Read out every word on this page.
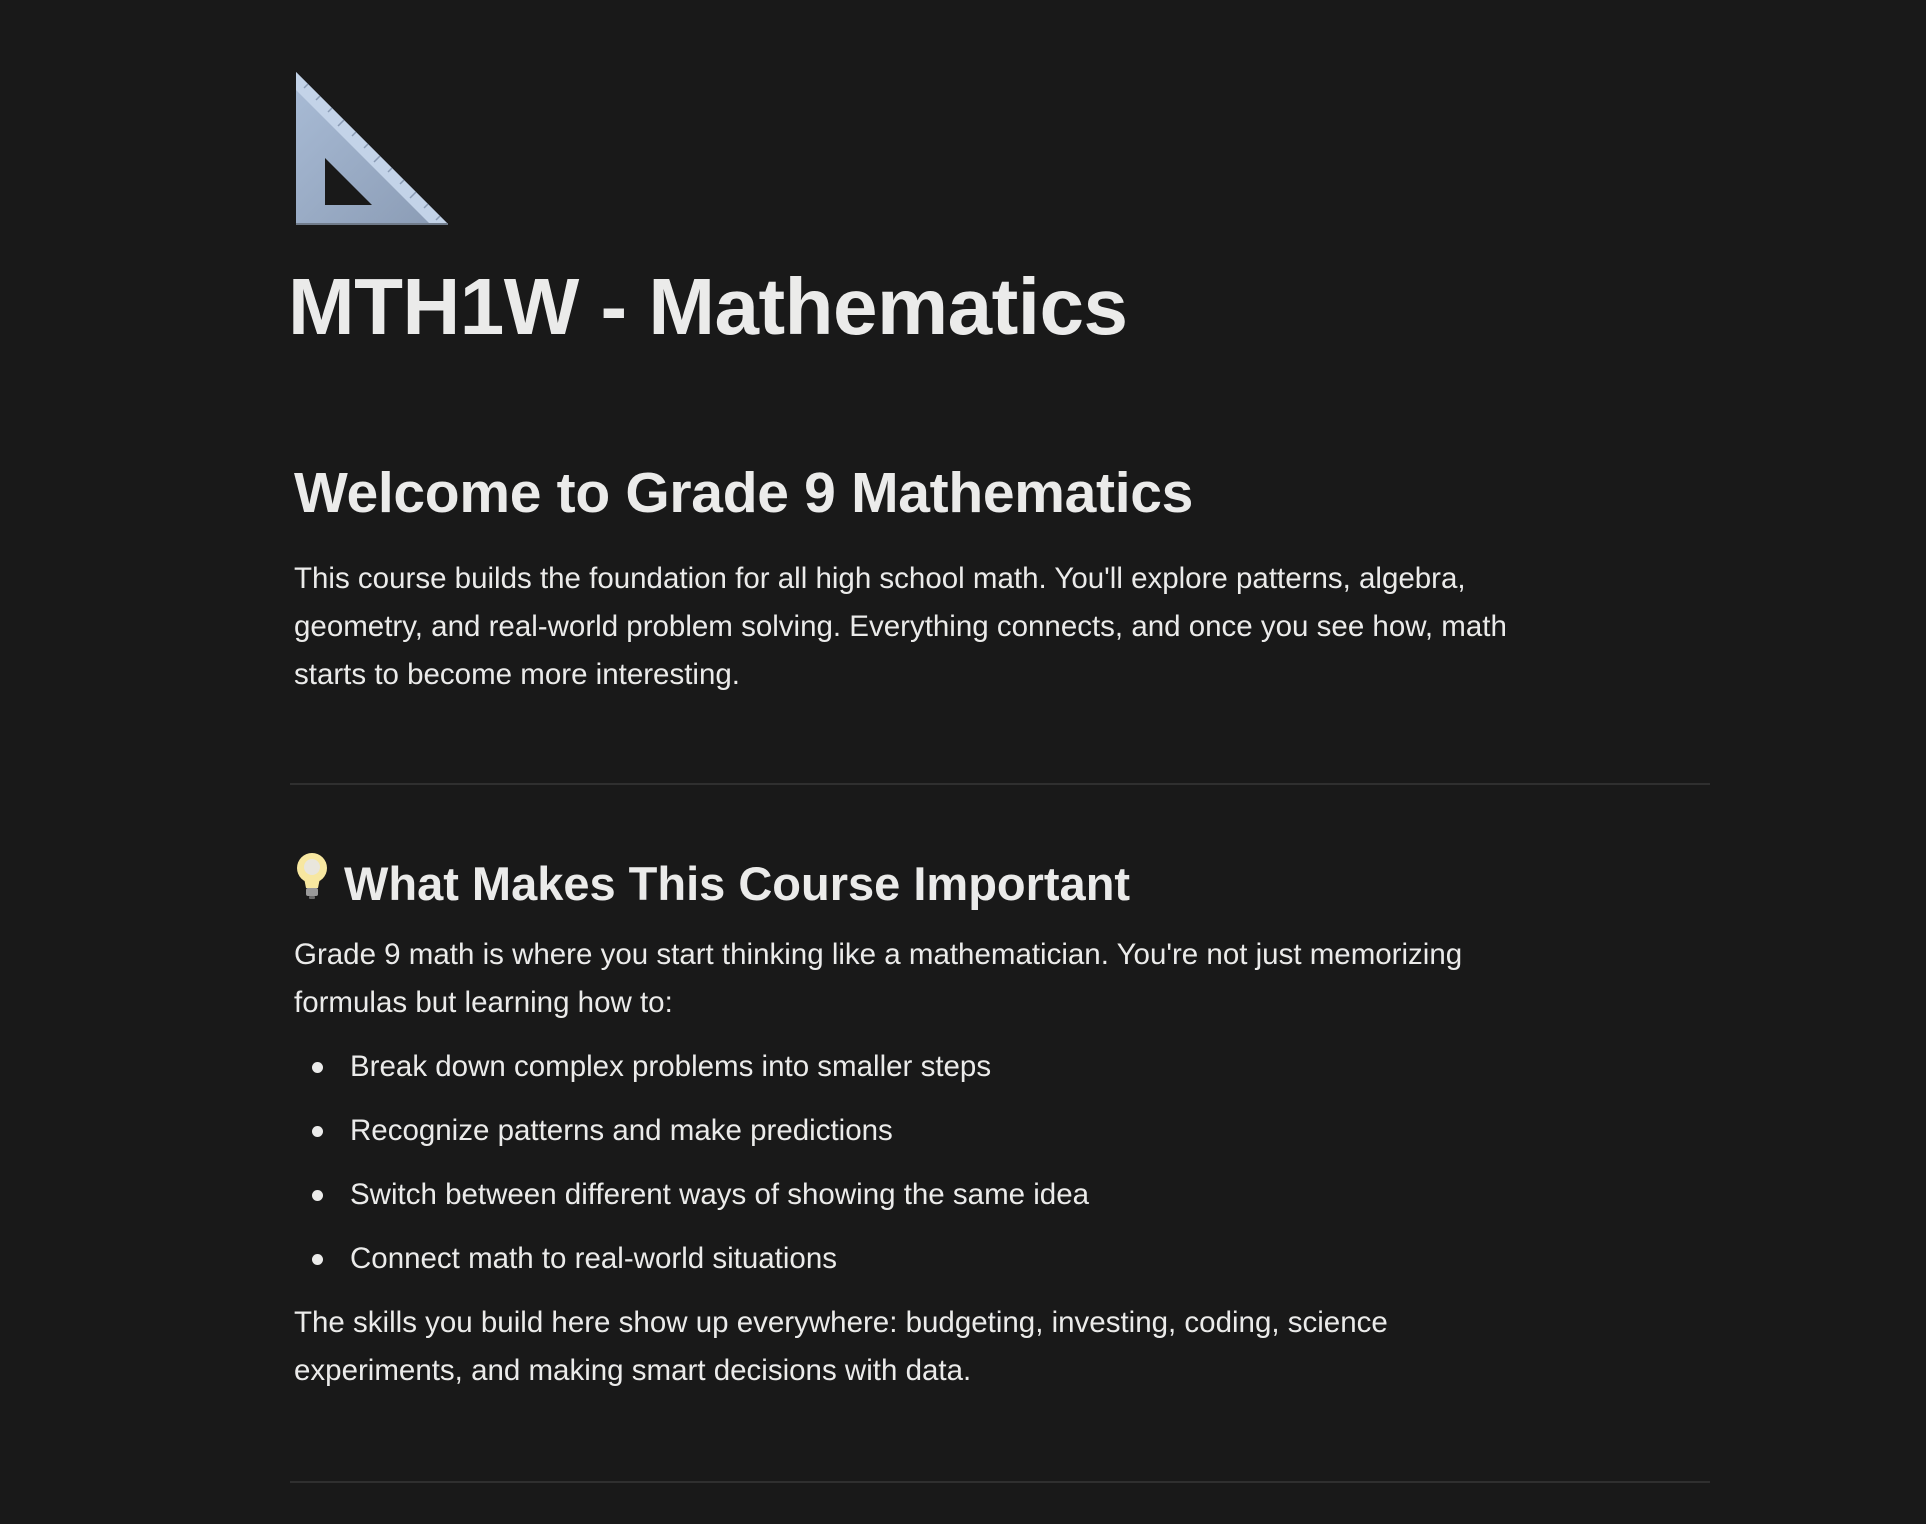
MTH1W - Mathematics
Welcome to Grade 9 Mathematics
This course builds the foundation for all high school math. You'll explore patterns, algebra,
geometry, and real-world problem solving. Everything connects, and once you see how, math
starts to become more interesting.
What Makes This Course Important
Grade 9 math is where you start thinking like a mathematician. You're not just memorizing
formulas but learning how to:
Break down complex problems into smaller steps
Recognize patterns and make predictions
Switch between different ways of showing the same idea
Connect math to real-world situations
The skills you build here show up everywhere: budgeting, investing, coding, science
experiments, and making smart decisions with data.
